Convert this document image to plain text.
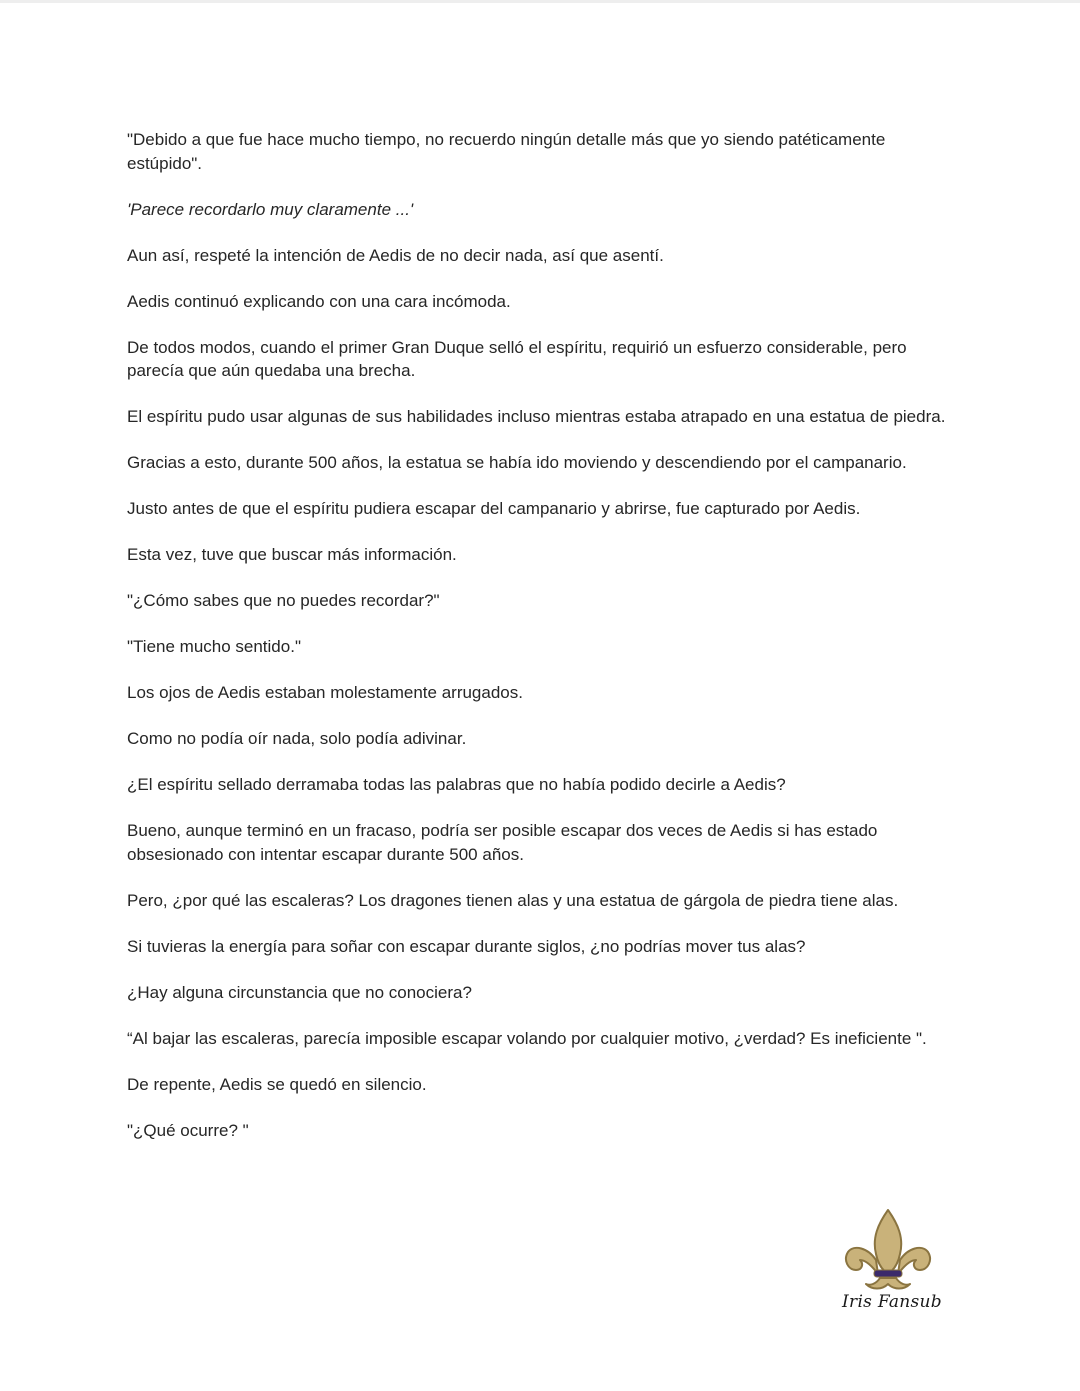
"Debido a que fue hace mucho tiempo, no recuerdo ningún detalle más que yo siendo patéticamente estúpido".

'Parece recordarlo muy claramente ...'

Aun así, respeté la intención de Aedis de no decir nada, así que asentí.

Aedis continuó explicando con una cara incómoda.

De todos modos, cuando el primer Gran Duque selló el espíritu, requirió un esfuerzo considerable, pero parecía que aún quedaba una brecha.

El espíritu pudo usar algunas de sus habilidades incluso mientras estaba atrapado en una estatua de piedra.

Gracias a esto, durante 500 años, la estatua se había ido moviendo y descendiendo por el campanario.

Justo antes de que el espíritu pudiera escapar del campanario y abrirse, fue capturado por Aedis.

Esta vez, tuve que buscar más información.

"¿Cómo sabes que no puedes recordar?"

"Tiene mucho sentido."

Los ojos de Aedis estaban molestamente arrugados.

Como no podía oír nada, solo podía adivinar.

¿El espíritu sellado derramaba todas las palabras que no había podido decirle a Aedis?

Bueno, aunque terminó en un fracaso, podría ser posible escapar dos veces de Aedis si has estado obsesionado con intentar escapar durante 500 años.

Pero, ¿por qué las escaleras? Los dragones tienen alas y una estatua de gárgola de piedra tiene alas.

Si tuvieras la energía para soñar con escapar durante siglos, ¿no podrías mover tus alas?

¿Hay alguna circunstancia que no conociera?

“Al bajar las escaleras, parecía imposible escapar volando por cualquier motivo, ¿verdad? Es ineficiente ".

De repente, Aedis se quedó en silencio.

"¿Qué ocurre? "

Iris Fansub
